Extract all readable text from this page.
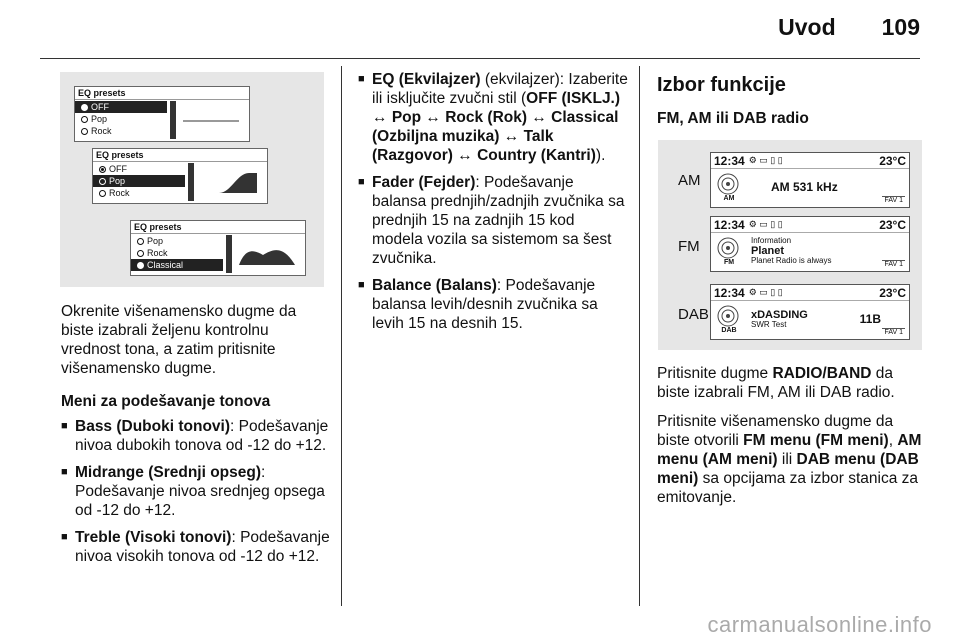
Uvod 109
EQ presets
OFF
Pop
Rock
EQ presets
OFF
Pop
Rock
EQ presets
Pop
Rock
Classical

Okrenite višenamensko dugme da biste izabrali željenu kontrolnu vrednost tona, a zatim pritisnite višenamensko dugme.

Meni za podešavanje tonova
■ Bass (Duboki tonovi): Podešavanje nivoa dubokih tonova od -12 do +12.
■ Midrange (Srednji opseg): Podešavanje nivoa srednjeg opsega od -12 do +12.
■ Treble (Visoki tonovi): Podešavanje nivoa visokih tonova od -12 do +12.
■ EQ (Ekvilajzer) (ekvilajzer): Izaberite ili isključite zvučni stil (OFF (ISKLJ.) ↔ Pop ↔ Rock (Rok) ↔ Classical (Ozbiljna muzika) ↔ Talk (Razgovor) ↔ Country (Kantri)).
■ Fader (Fejder): Podešavanje balansa prednjih/zadnjih zvučnika sa prednjih 15 na zadnjih 15 kod modela vozila sa sistemom sa šest zvučnika.
■ Balance (Balans): Podešavanje balansa levih/desnih zvučnika sa levih 15 na desnih 15.
Izbor funkcije
FM, AM ili DAB radio
AM
12:34 ⚙ ▭ ▯ ▯	23°C
AM
AM 531 kHz
FAV 1
FM
12:34 ⚙ ▭ ▯ ▯	23°C
FM
Information
Planet
Planet Radio is always	FAV 1
DAB
12:34 ⚙ ▭ ▯ ▯	23°C
DAB
xDASDING
SWR Test	11B
FAV 1

Pritisnite dugme RADIO/BAND da biste izabrali FM, AM ili DAB radio.

Pritisnite višenamensko dugme da biste otvorili FM menu (FM meni), AM menu (AM meni) ili DAB menu (DAB meni) sa opcijama za izbor stanica za emitovanje.

carmanualsonline.info
